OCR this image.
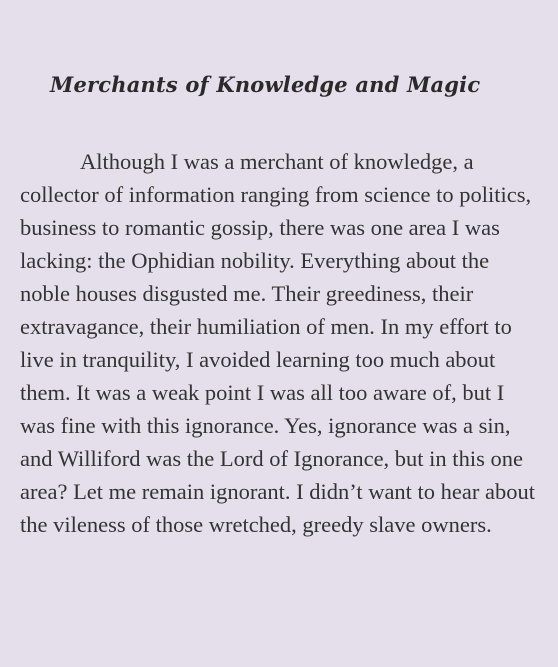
Merchants of Knowledge and Magic

Although I was a merchant of knowledge, a collector of information ranging from science to politics, business to romantic gossip, there was one area I was lacking: the Ophidian nobility. Everything about the noble houses disgusted me. Their greediness, their extravagance, their humiliation of men. In my effort to live in tranquility, I avoided learning too much about them. It was a weak point I was all too aware of, but I was fine with this ignorance. Yes, ignorance was a sin, and Williford was the Lord of Ignorance, but in this one area? Let me remain ignorant. I didn’t want to hear about the vileness of those wretched, greedy slave owners.
